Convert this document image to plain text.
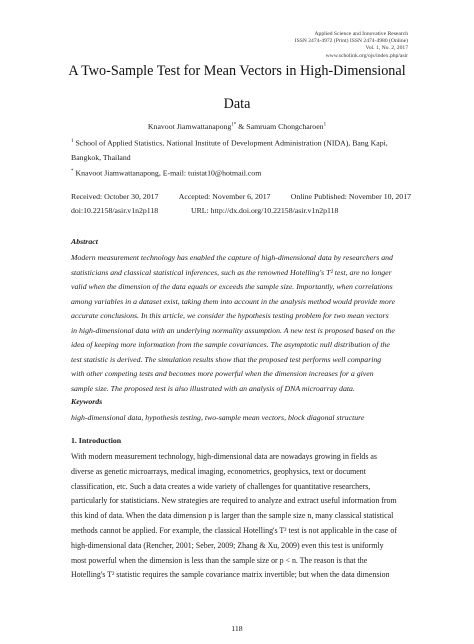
Applied Science and Innovative Research
ISSN 2474-4972 (Print) ISSN 2474-4980 (Online)
Vol. 1, No. 2, 2017
www.scholink.org/ojs/index.php/asir
A Two-Sample Test for Mean Vectors in High-Dimensional
Data
Knavoot Jiamwattanapong$^{1*}$ & Samruam Chongcharoen$^1$
$^1$ School of Applied Statistics, National Institute of Development Administration (NIDA), Bang Kapi,
Bangkok, Thailand
* Knavoot Jiamwattanapong, E-mail: tuistat10@hotmail.com
Received: October 30, 2017	Accepted: November 6, 2017	Online Published: November 10, 2017
doi:10.22158/asir.v1n2p118	URL: http://dx.doi.org/10.22158/asir.v1n2p118
Abstract
Modern measurement technology has enabled the capture of high-dimensional data by researchers and
statisticians and classical statistical inferences, such as the renowned Hotelling's T² test, are no longer
valid when the dimension of the data equals or exceeds the sample size. Importantly, when correlations
among variables in a dataset exist, taking them into account in the analysis method would provide more
accurate conclusions. In this article, we consider the hypothesis testing problem for two mean vectors
in high-dimensional data with an underlying normality assumption. A new test is proposed based on the
idea of keeping more information from the sample covariances. The asymptotic null distribution of the
test statistic is derived. The simulation results show that the proposed test performs well comparing
with other competing tests and becomes more powerful when the dimension increases for a given
sample size. The proposed test is also illustrated with an analysis of DNA microarray data.
Keywords
high-dimensional data, hypothesis testing, two-sample mean vectors, block diagonal structure
1. Introduction
With modern measurement technology, high-dimensional data are nowadays growing in fields as
diverse as genetic microarrays, medical imaging, econometrics, geophysics, text or document
classification, etc. Such a data creates a wide variety of challenges for quantitative researchers,
particularly for statisticians. New strategies are required to analyze and extract useful information from
this kind of data. When the data dimension p is larger than the sample size n, many classical statistical
methods cannot be applied. For example, the classical Hotelling's T² test is not applicable in the case of
high-dimensional data (Rencher, 2001; Seber, 2009; Zhang & Xu, 2009) even this test is uniformly
most powerful when the dimension is less than the sample size or p < n. The reason is that the
Hotelling's T² statistic requires the sample covariance matrix invertible; but when the data dimension
118
